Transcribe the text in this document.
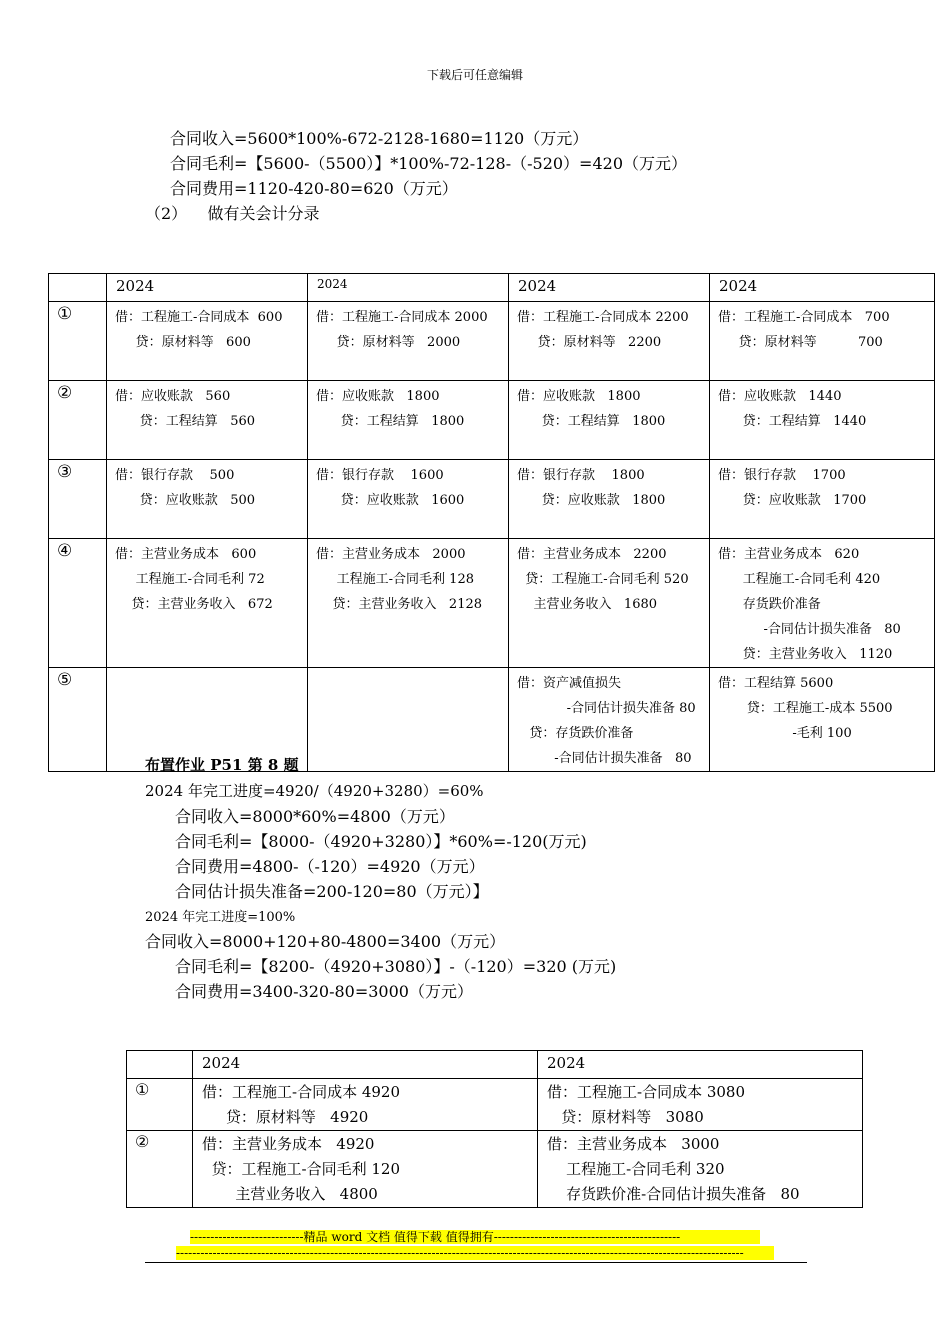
下载后可任意编辑
合同收入=5600*100%-672-2128-1680=1120（万元）
合同毛利=【5600-（5500）】*100%-72-128-（-520）=420（万元）
合同费用=1120-420-80=620（万元）
（2）    做有关会计分录
	2024	2024	2024	2024
①	借：工程施工-合同成本  600
贷：原材料等   600	借：工程施工-合同成本 2000
贷：原材料等   2000	借：工程施工-合同成本 2200
贷：原材料等   2200	借：工程施工-合同成本   700
贷：原材料等          700

②	借：应收账款   560
贷：工程结算   560	借：应收账款   1800
贷：工程结算   1800	借：应收账款   1800
贷：工程结算   1800	借：应收账款   1440
贷：工程结算   1440

③	借：银行存款    500
贷：应收账款   500	借：银行存款    1600
贷：应收账款   1600	借：银行存款    1800
贷：应收账款   1800	借：银行存款    1700
贷：应收账款   1700

④	借：主营业务成本   600
工程施工-合同毛利 72
贷：主营业务收入   672	借：主营业务成本   2000
工程施工-合同毛利 128
贷：主营业务收入   2128	借：主营业务成本   2200
贷：工程施工-合同毛利 520
主营业务收入   1680	借：主营业务成本   620
工程施工-合同毛利 420
存货跌价准备
-合同估计损失准备   80
贷：主营业务收入   1120

⑤			借：资产减值损失
-合同估计损失准备 80
贷：存货跌价准备
-合同估计损失准备   80	借：工程结算 5600
贷：工程施工-成本 5500
-毛利 100
布置作业 P51 第 8 题
2024 年完工进度=4920/（4920+3280）=60%
合同收入=8000*60%=4800（万元）
合同毛利=【8000-（4920+3280）】*60%=-120(万元)
合同费用=4800-（-120）=4920（万元）
合同估计损失准备=200-120=80（万元）】
2024 年完工进度=100%
合同收入=8000+120+80-4800=3400（万元）
合同毛利=【8200-（4920+3080）】-（-120）=320 (万元)
合同费用=3400-320-80=3000（万元）
	2024	2024
①	借：工程施工-合同成本 4920
贷：原材料等   4920	借：工程施工-合同成本 3080
贷：原材料等   3080

②	借：主营业务成本   4920
贷：工程施工-合同毛利 120
主营业务收入   4800	借：主营业务成本   3000
工程施工-合同毛利 320
存货跌价准-合同估计损失准备   80
----------------------------精品 word 文档 值得下载 值得拥有----------------------------------------------
--------------------------------------------------------------------------------------------------------------------------------------------
